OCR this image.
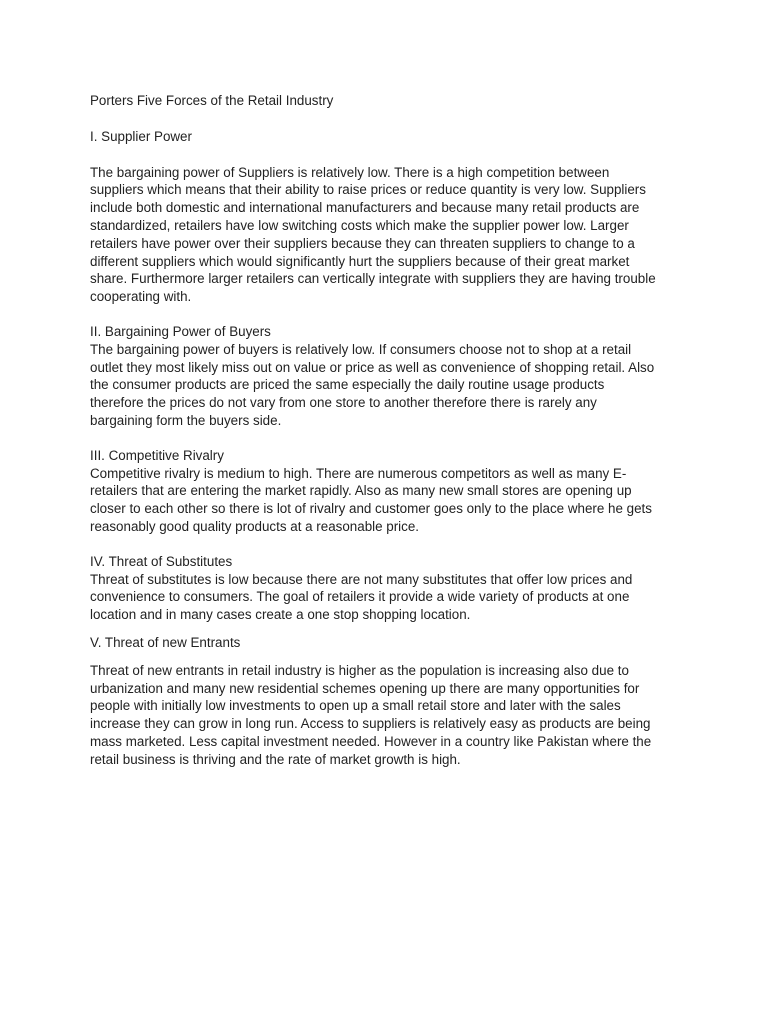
Porters Five Forces of the Retail Industry
I. Supplier Power
The bargaining power of Suppliers is relatively low. There is a high competition between
suppliers which means that their ability to raise prices or reduce quantity is very low. Suppliers
include both domestic and international manufacturers and because many retail products are
standardized, retailers have low switching costs which make the supplier power low. Larger
retailers have power over their suppliers because they can threaten suppliers to change to a
different suppliers which would significantly hurt the suppliers because of their great market
share. Furthermore larger retailers can vertically integrate with suppliers they are having trouble
cooperating with.
II. Bargaining Power of Buyers
The bargaining power of buyers is relatively low. If consumers choose not to shop at a retail
outlet they most likely miss out on value or price as well as convenience of shopping retail. Also
the consumer products are priced the same especially the daily routine usage products
therefore the prices do not vary from one store to another therefore there is rarely any
bargaining form the buyers side.
III. Competitive Rivalry
Competitive rivalry is medium to high. There are numerous competitors as well as many E-
retailers that are entering the market rapidly. Also as many new small stores are opening up
closer to each other so there is lot of rivalry and customer goes only to the place where he gets
reasonably good quality products at a reasonable price.
IV. Threat of Substitutes
Threat of substitutes is low because there are not many substitutes that offer low prices and
convenience to consumers. The goal of retailers it provide a wide variety of products at one
location and in many cases create a one stop shopping location.
V. Threat of new Entrants
Threat of new entrants in retail industry is higher as the population is increasing also due to
urbanization and many new residential schemes opening up there are many opportunities for
people with initially low investments to open up a small retail store and later with the sales
increase they can grow in long run. Access to suppliers is relatively easy as products are being
mass marketed. Less capital investment needed. However in a country like Pakistan where the
retail business is thriving and the rate of market growth is high.
